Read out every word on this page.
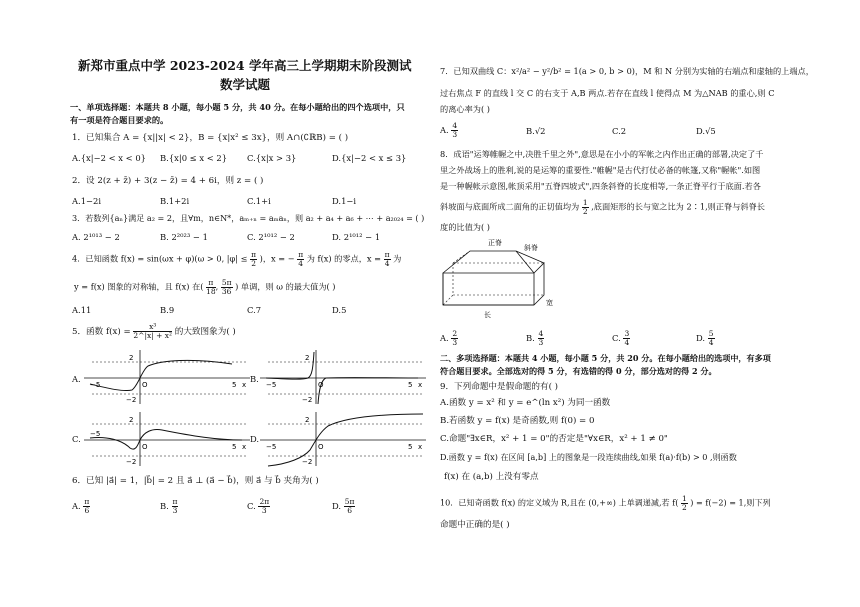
新郑市重点中学 2023-2024 学年高三上学期期末阶段测试
数学试题
一、单项选择题：本题共 8 小题，每小题 5 分，共 40 分。在每小题给出的四个选项中，只
有一项是符合题目要求的。
1．已知集合 A = {x||x| < 2}，B = {x|x² ≤ 3x}，则 A∩(∁ℝB) = ( )
A.{x|−2 < x < 0} B.{x|0 ≤ x < 2} C.{x|x > 3}	D.{x|−2 < x ≤ 3}
2．设 2(z + z̄) + 3(z − z̄) = 4 + 6i，则 z = ( )
A.1−2i	B.1+2i	C.1+i	D.1−i
3．若数列{aₙ}满足 a₂ = 2，且∀m，n∈N*，aₘ₊ₙ = aₘaₙ，则 a₂ + a₄ + a₆ + ⋯ + a₂₀₂₄ = ( )
A. 2¹⁰¹³ − 2	B. 2²⁰²³ − 1	C. 2¹⁰¹² − 2	D. 2¹⁰¹² − 1
4．已知函数 f(x) = sin(ωx + φ)(ω > 0, $|\varphi| \le \frac{\pi}{2}$ )，x = − $\frac{\pi}{4}$ 为 f(x) 的零点，$x = \frac{\pi}{4}$ 为
y = f(x) 图象的对称轴，且 f(x) 在( $\frac{\pi}{18}$ , $\frac{5\pi}{36}$ ) 单调，则 ω 的最大值为( )
A.11	B.9	C.7	D.5
5．函数 $f(x) = \frac{\text{x³}}{\text{2\textasciicircum{}|x| + x²}}$ 的大致图象为( )
A.
2
−2
−5	5 x
O
B.
2
−2
−5	5 x
O
C.
2
−2
−5
5 x
O
D.
2
−2
−5	5 x
O
6．已知 |a⃗| = 1，|b⃗| = 2 且 a⃗ ⊥ (a⃗ − b⃗)，则 a⃗ 与 b⃗ 夹角为( )
A. $\frac{\pi}{6}$	B. $\frac{\pi}{3}$	C. $\frac{2\pi}{3}$	D. $\frac{5\pi}{6}$
7．已知双曲线 C：x²/a² − y²/b² = 1(a > 0, b > 0)，M 和 N 分别为实轴的右端点和虚轴的上端点，
过右焦点 F 的直线 l 交 C 的右支于 A,B 两点.若存在直线 l 使得点 M 为△NAB 的重心,则 C
的离心率为( )
A. $\frac{4}{3}$	B.√2	C.2	D.√5
8．成语"运筹帷幄之中,决胜千里之外",意思是在小小的军帐之内作出正确的部署,决定了千
里之外战场上的胜利,说的是运筹的重要性."帷幄"是古代打仗必备的帐篷,又称"幄帐".如图
是一种幄帐示意图,帐顶采用"五脊四坡式",四条斜脊的长度相等,一条正脊平行于底面.若各
斜坡面与底面所成二面角的正切值均为 $\frac{1}{2}$ ,底面矩形的长与宽之比为 2∶1,则正脊与斜脊长
度的比值为( )
正脊
斜脊
宽
长
A. $\frac{2}{3}$	B. $\frac{4}{3}$	C. $\frac{3}{4}$	D. $\frac{5}{4}$
二、多项选择题：本题共 4 小题，每小题 5 分，共 20 分。在每小题给出的选项中，有多项
符合题目要求。全部选对的得 5 分，有选错的得 0 分，部分选对的得 2 分。
9．下列命题中是假命题的有( )
A.函数 y = x² 和 y = e^(ln x²) 为同一函数
B.若函数 y = f(x) 是奇函数,则 f(0) = 0
C.命题"∃x∈R，x² + 1 = 0"的否定是"∀x∈R，x² + 1 ≠ 0"
D.函数 y = f(x) 在区间 [a,b] 上的图象是一段连续曲线,如果 f(a)·f(b) > 0 ,则函数
f(x) 在 (a,b) 上没有零点
10．已知奇函数 f(x) 的定义域为 R,且在 (0,+∞) 上单调递减,若 $f( \frac{1}{2}$ ) = f(−2) = 1,则下列
命题中正确的是( )
